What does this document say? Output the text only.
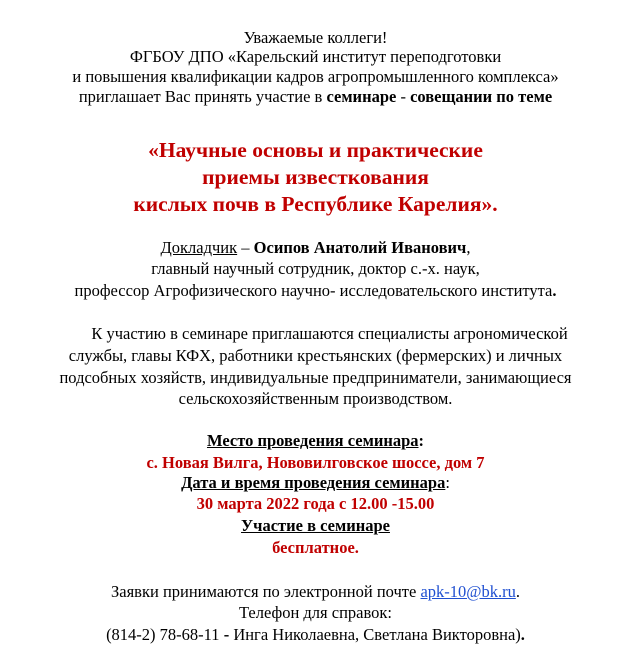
Уважаемые коллеги!
ФГБОУ ДПО «Карельский институт переподготовки
и повышения квалификации кадров агропромышленного комплекса»
приглашает Вас принять участие в семинаре - совещании по теме
«Научные основы и практические
приемы известкования
кислых почв в Республике Карелия».
Докладчик – Осипов Анатолий Иванович,
главный научный сотрудник, доктор с.-х. наук,
профессор Агрофизического научно- исследовательского института.
К участию в семинаре приглашаются специалисты агрономической
службы, главы КФХ, работники крестьянских (фермерских) и личных
подсобных хозяйств, индивидуальные предприниматели, занимающиеся
сельскохозяйственным производством.
Место проведения семинара:
с. Новая Вилга, Нововилговское шоссе, дом 7
Дата и время проведения семинара:
30 марта 2022 года с 12.00 -15.00
Участие в семинаре
бесплатное.
Заявки принимаются по электронной почте apk-10@bk.ru.
Телефон для справок:
(814-2) 78-68-11 - Инга Николаевна, Светлана Викторовна).
